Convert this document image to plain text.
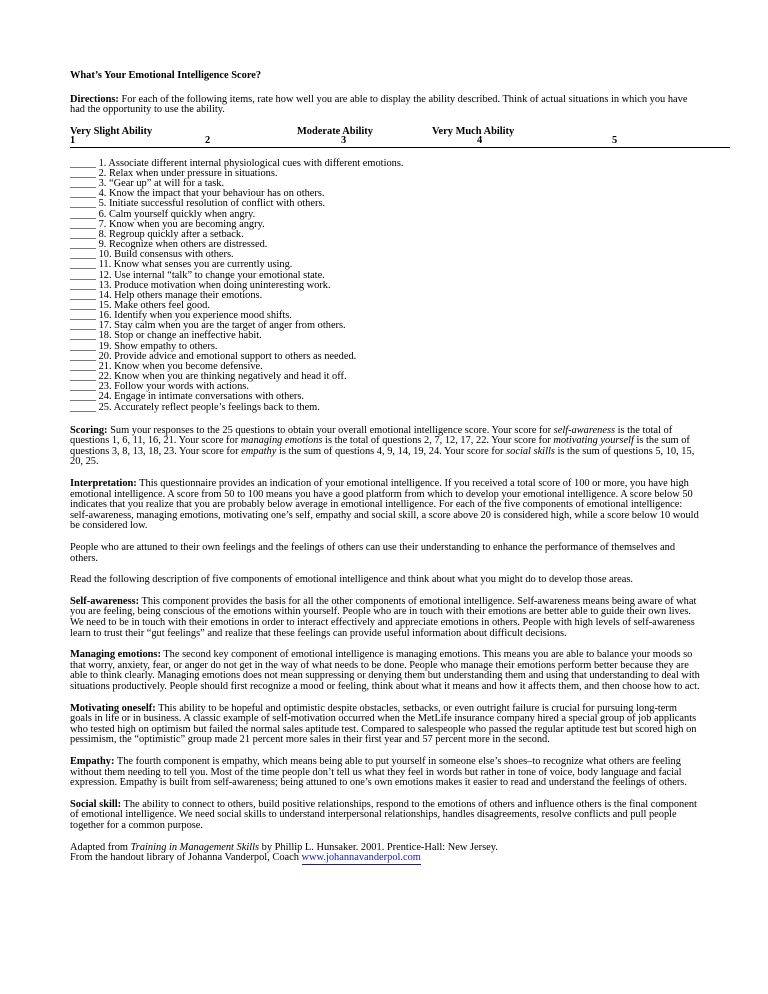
What’s Your Emotional Intelligence Score?

Directions: For each of the following items, rate how well you are able to display the ability described. Think of actual situations in which you have had the opportunity to use the ability.

Very Slight Ability	Moderate Ability	Very Much Ability
1	2	3	4	5
_____ 1. Associate different internal physiological cues with different emotions.
_____ 2. Relax when under pressure in situations.
_____ 3. “Gear up” at will for a task.
_____ 4. Know the impact that your behaviour has on others.
_____ 5. Initiate successful resolution of conflict with others.
_____ 6. Calm yourself quickly when angry.
_____ 7. Know when you are becoming angry.
_____ 8. Regroup quickly after a setback.
_____ 9. Recognize when others are distressed.
_____ 10. Build consensus with others.
_____ 11. Know what senses you are currently using.
_____ 12. Use internal “talk” to change your emotional state.
_____ 13. Produce motivation when doing uninteresting work.
_____ 14. Help others manage their emotions.
_____ 15. Make others feel good.
_____ 16. Identify when you experience mood shifts.
_____ 17. Stay calm when you are the target of anger from others.
_____ 18. Stop or change an ineffective habit.
_____ 19. Show empathy to others.
_____ 20. Provide advice and emotional support to others as needed.
_____ 21. Know when you become defensive.
_____ 22. Know when you are thinking negatively and head it off.
_____ 23. Follow your words with actions.
_____ 24. Engage in intimate conversations with others.
_____ 25. Accurately reflect people’s feelings back to them.

Scoring: Sum your responses to the 25 questions to obtain your overall emotional intelligence score. Your score for self-awareness is the total of questions 1, 6, 11, 16, 21. Your score for managing emotions is the total of questions 2, 7, 12, 17, 22. Your score for motivating yourself is the sum of questions 3, 8, 13, 18, 23. Your score for empathy is the sum of questions 4, 9, 14, 19, 24. Your score for social skills is the sum of questions 5, 10, 15, 20, 25.

Interpretation: This questionnaire provides an indication of your emotional intelligence. If you received a total score of 100 or more, you have high emotional intelligence. A score from 50 to 100 means you have a good platform from which to develop your emotional intelligence. A score below 50 indicates that you realize that you are probably below average in emotional intelligence. For each of the five components of emotional intelligence: self-awareness, managing emotions, motivating one’s self, empathy and social skill, a score above 20 is considered high, while a score below 10 would be considered low.

People who are attuned to their own feelings and the feelings of others can use their understanding to enhance the performance of themselves and others.

Read the following description of five components of emotional intelligence and think about what you might do to develop those areas.

Self-awareness: This component provides the basis for all the other components of emotional intelligence. Self-awareness means being aware of what you are feeling, being conscious of the emotions within yourself. People who are in touch with their emotions are better able to guide their own lives. We need to be in touch with their emotions in order to interact effectively and appreciate emotions in others. People with high levels of self-awareness learn to trust their “gut feelings” and realize that these feelings can provide useful information about difficult decisions.

Managing emotions: The second key component of emotional intelligence is managing emotions. This means you are able to balance your moods so that worry, anxiety, fear, or anger do not get in the way of what needs to be done. People who manage their emotions perform better because they are able to think clearly. Managing emotions does not mean suppressing or denying them but understanding them and using that understanding to deal with situations productively. People should first recognize a mood or feeling, think about what it means and how it affects them, and then choose how to act.

Motivating oneself: This ability to be hopeful and optimistic despite obstacles, setbacks, or even outright failure is crucial for pursuing long-term goals in life or in business. A classic example of self-motivation occurred when the MetLife insurance company hired a special group of job applicants who tested high on optimism but failed the normal sales aptitude test. Compared to salespeople who passed the regular aptitude test but scored high on pessimism, the “optimistic” group made 21 percent more sales in their first year and 57 percent more in the second.

Empathy: The fourth component is empathy, which means being able to put yourself in someone else’s shoes–to recognize what others are feeling without them needing to tell you. Most of the time people don’t tell us what they feel in words but rather in tone of voice, body language and facial expression. Empathy is built from self-awareness; being attuned to one’s own emotions makes it easier to read and understand the feelings of others.

Social skill: The ability to connect to others, build positive relationships, respond to the emotions of others and influence others is the final component of emotional intelligence. We need social skills to understand interpersonal relationships, handles disagreements, resolve conflicts and pull people together for a common purpose.

Adapted from Training in Management Skills by Phillip L. Hunsaker. 2001. Prentice-Hall: New Jersey.

From the handout library of Johanna Vanderpol, Coach www.johannavanderpol.com
